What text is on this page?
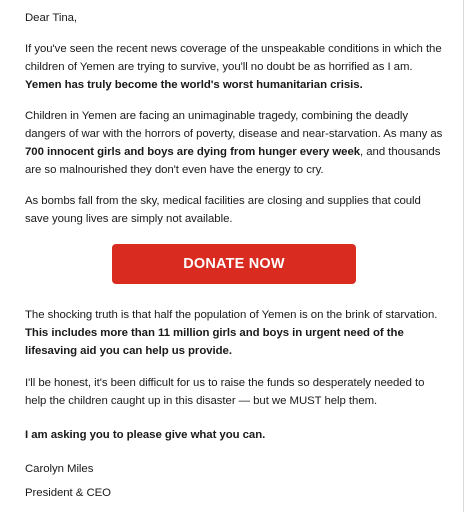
Dear Tina,

If you've seen the recent news coverage of the unspeakable conditions in which the
children of Yemen are trying to survive, you'll no doubt be as horrified as I am.
Yemen has truly become the world's worst humanitarian crisis.

Children in Yemen are facing an unimaginable tragedy, combining the deadly
dangers of war with the horrors of poverty, disease and near-starvation. As many as
700 innocent girls and boys are dying from hunger every week, and thousands
are so malnourished they don't even have the energy to cry.

As bombs fall from the sky, medical facilities are closing and supplies that could
save young lives are simply not available.

DONATE NOW

The shocking truth is that half the population of Yemen is on the brink of starvation.
This includes more than 11 million girls and boys in urgent need of the
lifesaving aid you can help us provide.

I'll be honest, it's been difficult for us to raise the funds so desperately needed to
help the children caught up in this disaster — but we MUST help them.

I am asking you to please give what you can.

Carolyn Miles

President & CEO
